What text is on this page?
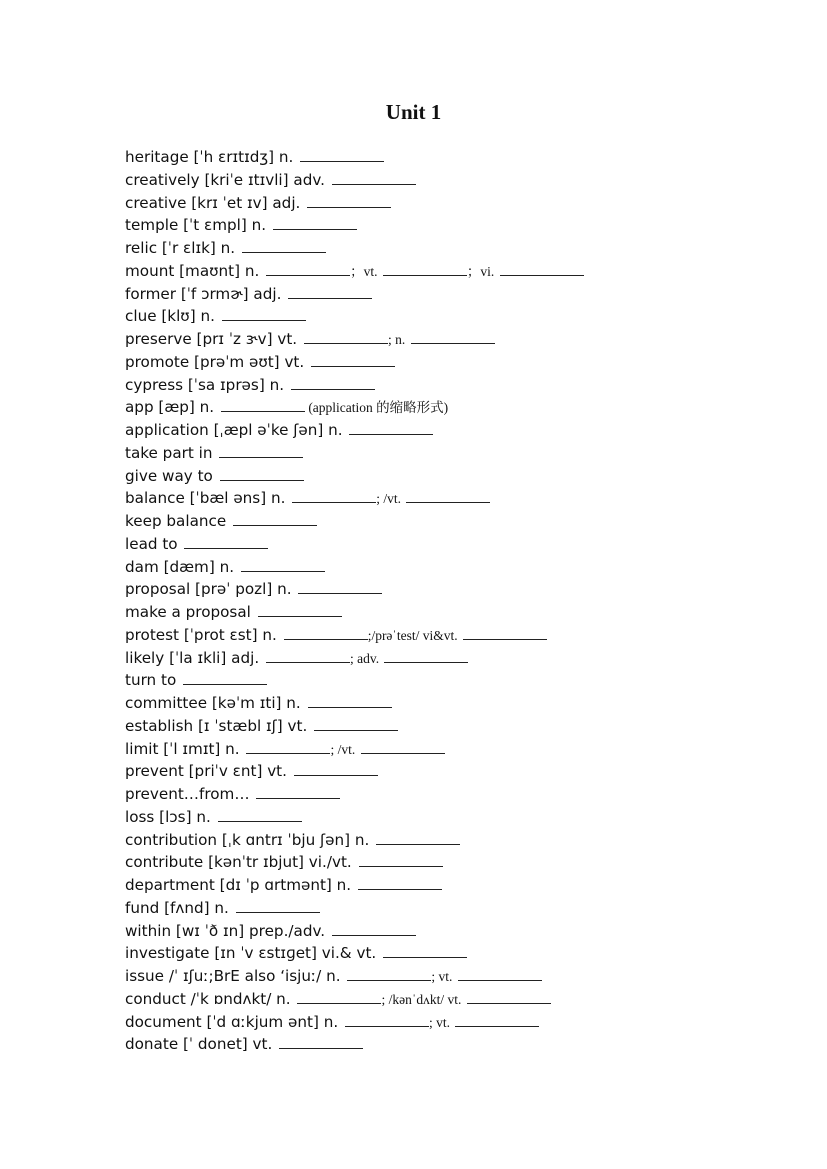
Unit 1
heritage [ˈh ɛrɪtɪdʒ] n.
creatively [kriˈe ɪtɪvli] adv.
creative [krɪ ˈet ɪv] adj.
temple [ˈt ɛmpl] n.
relic [ˈr ɛlɪk] n.
mount [maʊnt] n.	；vt.	；vi.
former [ˈf ɔrmɚ] adj.
clue [klʊ] n.
preserve [prɪ ˈz ɝv] vt.	; n.
promote [prəˈm əʊt] vt.
cypress [ˈsa ɪprəs] n.
app [æp] n.	(application 的缩略形式)
application [ˌæpl əˈke ʃən] n.
take part in
give way to
balance [ˈbæl əns] n.	; /vt.
keep balance
lead to
dam [dæm] n.
proposal [prəˈ pozl] n.
make a proposal
protest [ˈprot ɛst] n.	;/prəˈtest/ vi&vt.
likely [ˈla ɪkli] adj.	; adv.
turn to
committee [kəˈm ɪti] n.
establish [ɪ ˈstæbl ɪʃ] vt.
limit [ˈl ɪmɪt] n.	; /vt.
prevent [priˈv ɛnt] vt.
prevent…from…
loss [lɔs] n.
contribution [ˌk ɑntrɪ ˈbju ʃən] n.
contribute [kənˈtr ɪbjut] vi./vt.
department [dɪ ˈp ɑrtmənt] n.
fund [fʌnd] n.
within [wɪ ˈð ɪn] prep./adv.
investigate [ɪn ˈv ɛstɪɡet] vi.& vt.
issue /ˈ ɪʃuː;BrE also ‘isjuː/ n.	; vt.
conduct /ˈk ɒndʌkt/ n.	; /kənˈdʌkt/ vt.
document [ˈd ɑːkjum ənt] n.	; vt.
donate [ˈ donet] vt.
